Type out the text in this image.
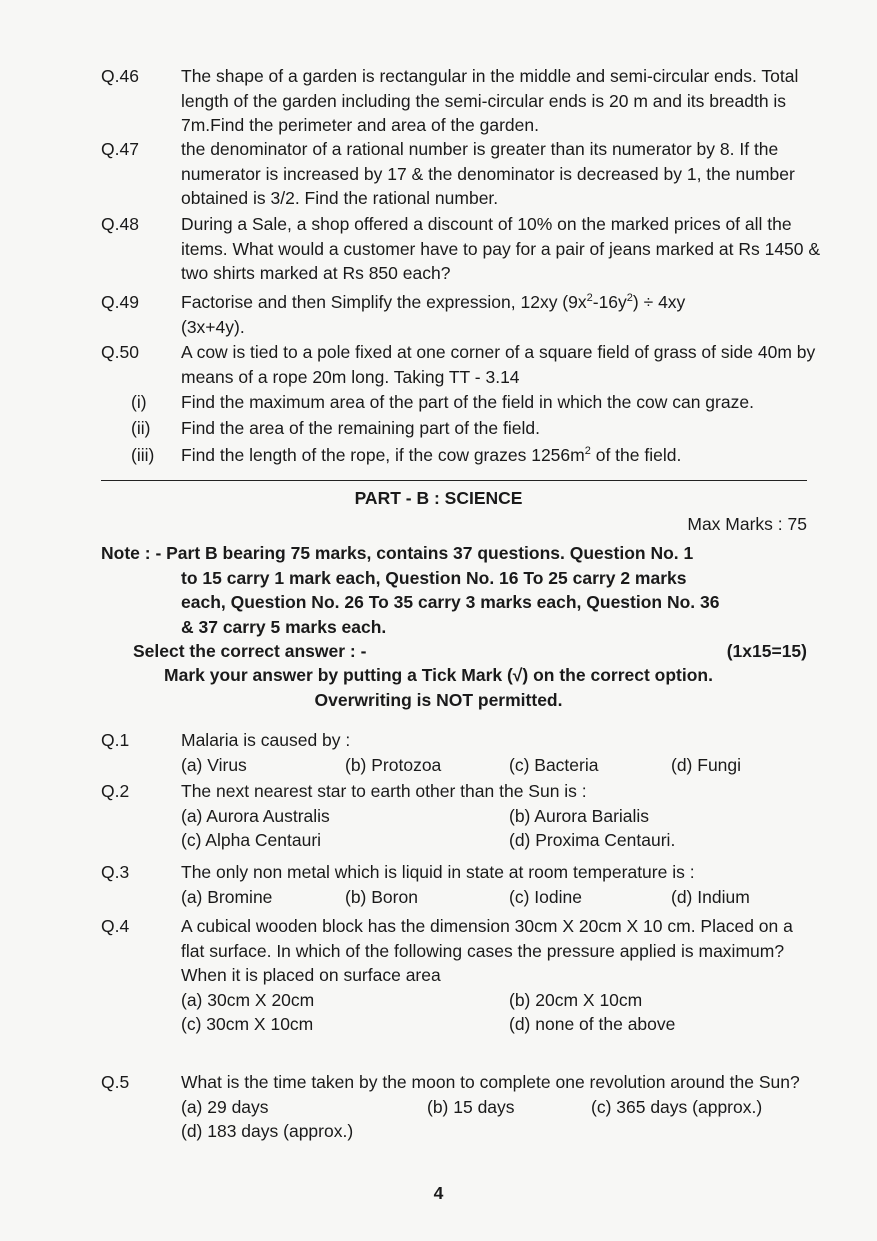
Q.46	The shape of a garden is rectangular in the middle and semi-circular ends. Total length of the garden including the semi-circular ends is 20 m and its breadth is 7m.Find the perimeter and area of the garden.
Q.47	the denominator of a rational number is greater than its numerator by 8. If the numerator is increased by 17 & the denominator is decreased by 1, the number obtained is 3/2. Find the rational number.
Q.48	During a Sale, a shop offered a discount of 10% on the marked prices of all the items. What would a customer have to pay for a pair of jeans marked at Rs 1450 & two shirts marked at Rs 850 each?
Q.49	Factorise and then Simplify the expression, 12xy $(9x^2-16y^2) \div 4xy$
(3x+4y).
Q.50	A cow is tied to a pole fixed at one corner of a square field of grass of side 40m by means of a rope 20m long. Taking TT - 3.14
(i) Find the maximum area of the part of the field in which the cow can graze.
(ii) Find the area of the remaining part of the field.
(iii) Find the length of the rope, if the cow grazes $1256m^2$ of the field.
PART - B : SCIENCE
Max Marks : 75
Note : - Part B bearing 75 marks, contains 37 questions. Question No. 1
to 15 carry 1 mark each, Question No. 16 To 25 carry 2 marks
each, Question No. 26 To 35 carry 3 marks each, Question No. 36
& 37 carry 5 marks each.
Select the correct answer : -	(1x15=15)
Mark your answer by putting a Tick Mark (√) on the correct option.
Overwriting is NOT permitted.
Q.1	Malaria is caused by :
(a) Virus	(b) Protozoa	(c) Bacteria	(d) Fungi
Q.2	The next nearest star to earth other than the Sun is :
(a) Aurora Australis	(b) Aurora Barialis
(c) Alpha Centauri	(d) Proxima Centauri.
Q.3	The only non metal which is liquid in state at room temperature is :
(a) Bromine	(b) Boron	(c) Iodine	(d) Indium
Q.4	A cubical wooden block has the dimension 30cm X 20cm X 10 cm. Placed on a flat surface. In which of the following cases the pressure applied is maximum?
When it is placed on surface area
(a) 30cm X 20cm	(b) 20cm X 10cm
(c) 30cm X 10cm	(d) none of the above
Q.5	What is the time taken by the moon to complete one revolution around the Sun?
(a) 29 days	(b) 15 days	(c) 365 days (approx.)
(d) 183 days (approx.)
4
